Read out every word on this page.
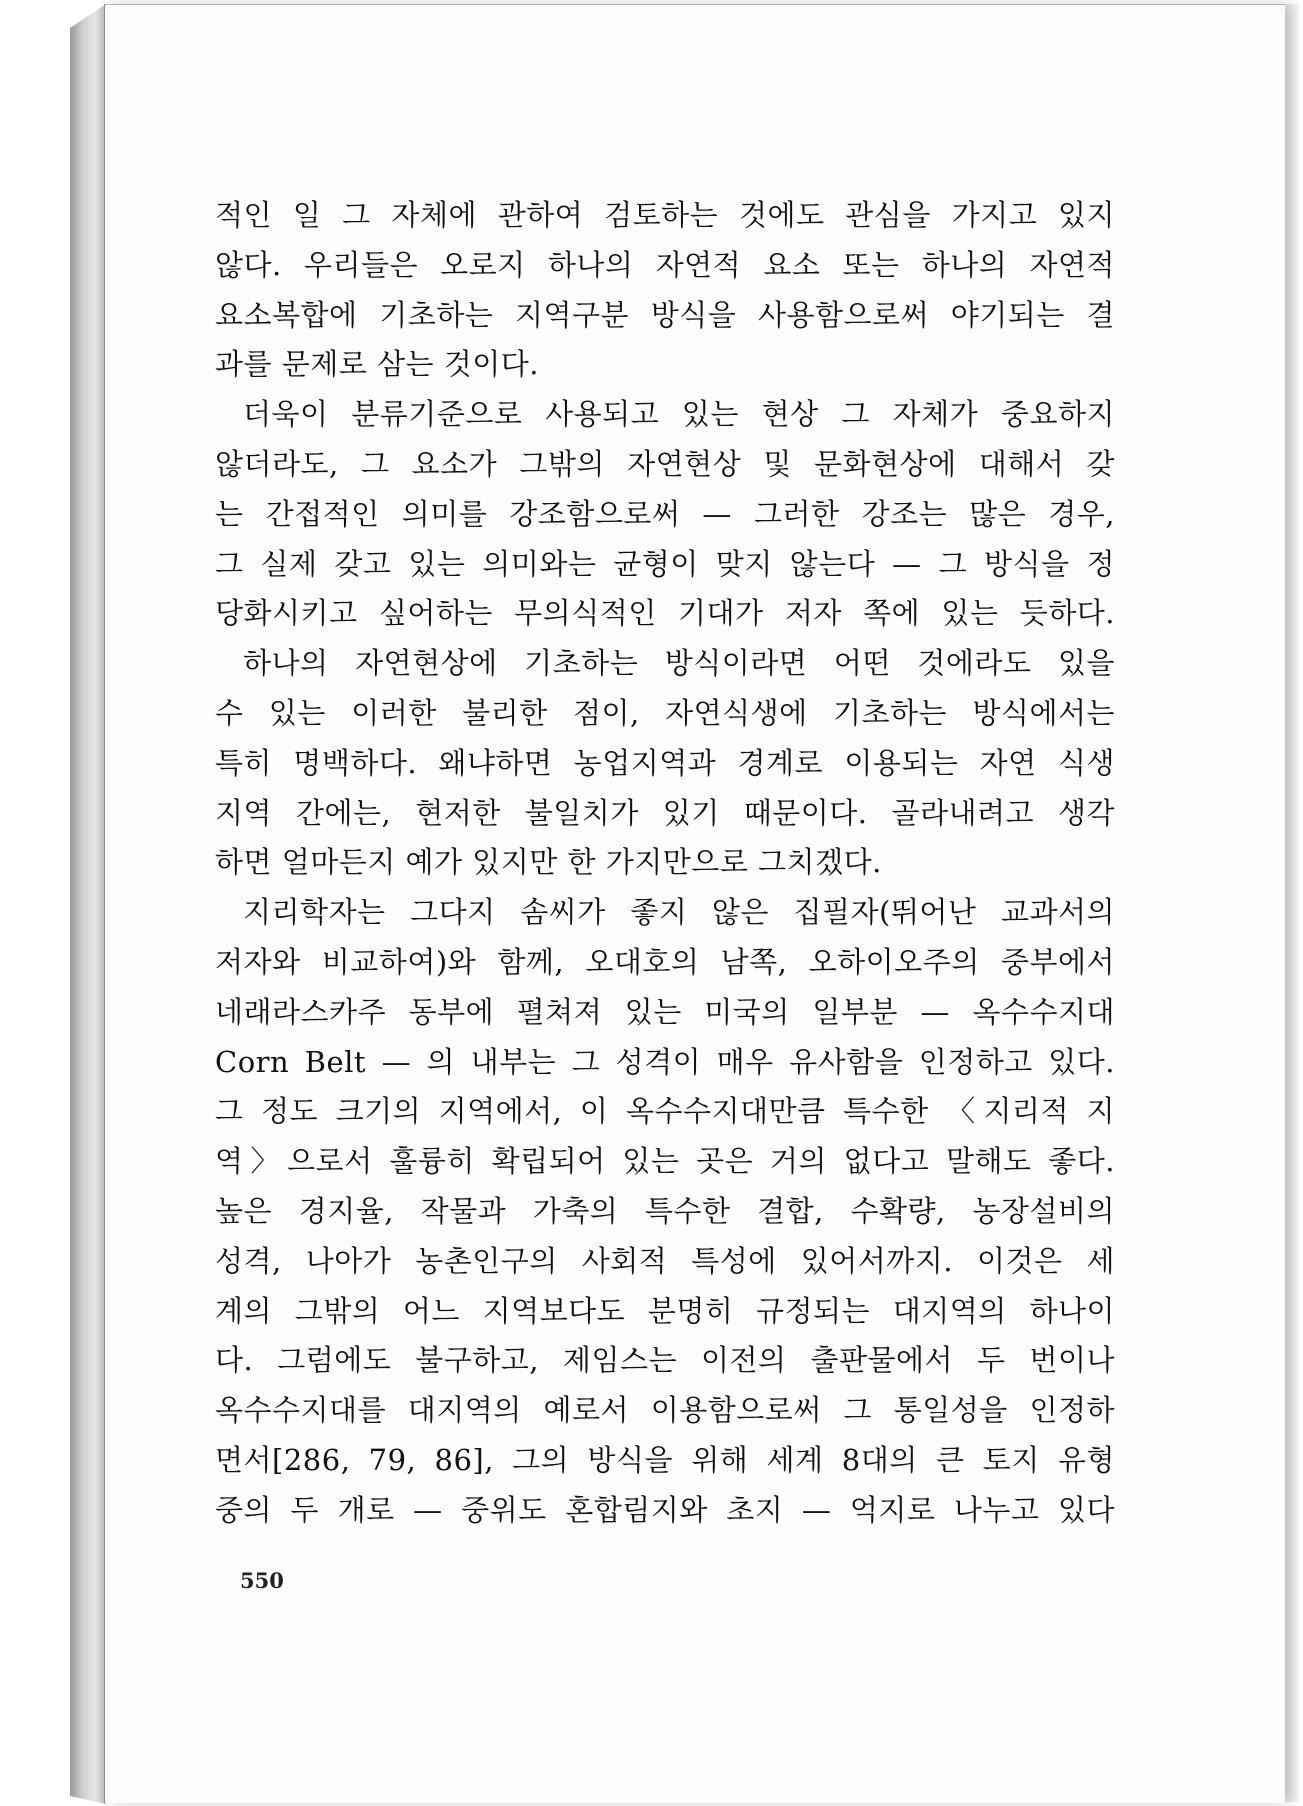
적인 일 그 자체에 관하여 검토하는 것에도 관심을 가지고 있지
않다. 우리들은 오로지 하나의 자연적 요소 또는 하나의 자연적
요소복합에 기초하는 지역구분 방식을 사용함으로써 야기되는 결
과를 문제로 삼는 것이다.
더욱이 분류기준으로 사용되고 있는 현상 그 자체가 중요하지
않더라도, 그 요소가 그밖의 자연현상 및 문화현상에 대해서 갖
는 간접적인 의미를 강조함으로써 — 그러한 강조는 많은 경우,
그 실제 갖고 있는 의미와는 균형이 맞지 않는다 — 그 방식을 정
당화시키고 싶어하는 무의식적인 기대가 저자 쪽에 있는 듯하다.
하나의 자연현상에 기초하는 방식이라면 어떤 것에라도 있을
수 있는 이러한 불리한 점이, 자연식생에 기초하는 방식에서는
특히 명백하다. 왜냐하면 농업지역과 경계로 이용되는 자연 식생
지역 간에는, 현저한 불일치가 있기 때문이다. 골라내려고 생각
하면 얼마든지 예가 있지만 한 가지만으로 그치겠다.
지리학자는 그다지 솜씨가 좋지 않은 집필자(뛰어난 교과서의
저자와 비교하여)와 함께, 오대호의 남쪽, 오하이오주의 중부에서
네래라스카주 동부에 펼쳐져 있는 미국의 일부분 — 옥수수지대
Corn Belt — 의 내부는 그 성격이 매우 유사함을 인정하고 있다.
그 정도 크기의 지역에서, 이 옥수수지대만큼 특수한 〈지리적 지
역〉으로서 훌륭히 확립되어 있는 곳은 거의 없다고 말해도 좋다.
높은 경지율, 작물과 가축의 특수한 결합, 수확량, 농장설비의
성격, 나아가 농촌인구의 사회적 특성에 있어서까지. 이것은 세
계의 그밖의 어느 지역보다도 분명히 규정되는 대지역의 하나이
다. 그럼에도 불구하고, 제임스는 이전의 출판물에서 두 번이나
옥수수지대를 대지역의 예로서 이용함으로써 그 통일성을 인정하
면서[286, 79, 86], 그의 방식을 위해 세계 8대의 큰 토지 유형
중의 두 개로 — 중위도 혼합림지와 초지 — 억지로 나누고 있다
550
